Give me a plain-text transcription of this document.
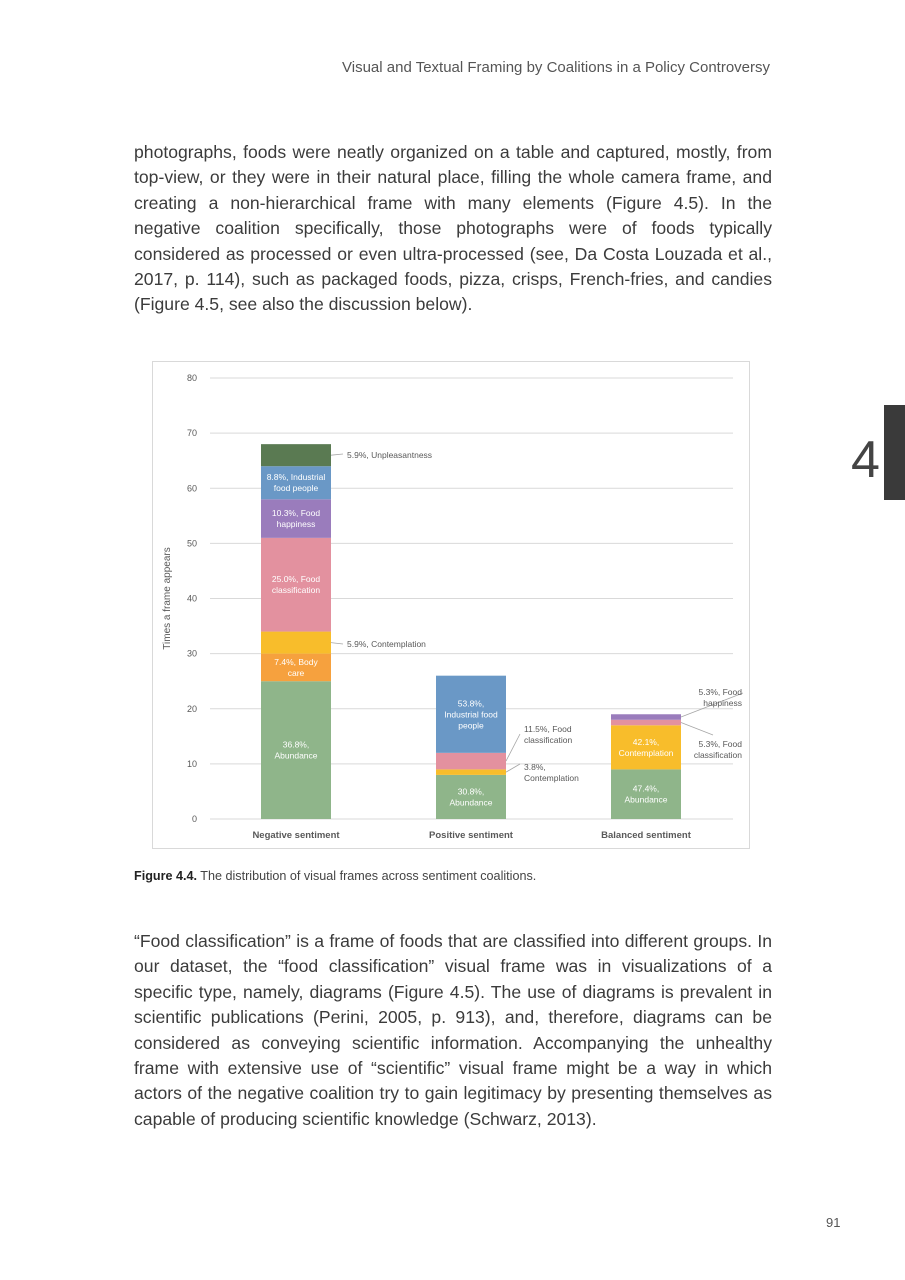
Visual and Textual Framing by Coalitions in a Policy Controversy
4

photographs, foods were neatly organized on a table and captured, mostly, from top-view, or they were in their natural place, filling the whole camera frame, and creating a non-hierarchical frame with many elements (Figure 4.5). In the negative coalition specifically, those photographs were of foods typically considered as processed or even ultra-processed (see, Da Costa Louzada et al., 2017, p. 114), such as packaged foods, pizza, crisps, French-fries, and candies (Figure 4.5, see also the discussion below).

0
10
20
30
40
50
60
70
80
Times a frame appears
Negative sentiment	Positive sentiment	Balanced sentiment
36.8%, Abundance
7.4%, Body care
25.0%, Food classification
10.3%, Food happiness
8.8%, Industrial food people
30.8%, Abundance
53.8%, Industrial food people
47.4%, Abundance
42.1%, Contemplation
5.9%, Unpleasantness
5.9%, Contemplation
11.5%, Food classification
3.8%, Contemplation
5.3%, Food happiness
5.3%, Food classification
Figure 4.4. The distribution of visual frames across sentiment coalitions.

“Food classification” is a frame of foods that are classified into different groups. In our dataset, the “food classification” visual frame was in visualizations of a specific type, namely, diagrams (Figure 4.5). The use of diagrams is prevalent in scientific publications (Perini, 2005, p. 913), and, therefore, diagrams can be considered as conveying scientific information. Accompanying the unhealthy frame with extensive use of “scientific” visual frame might be a way in which actors of the negative coalition try to gain legitimacy by presenting themselves as capable of producing scientific knowledge (Schwarz, 2013).

91
